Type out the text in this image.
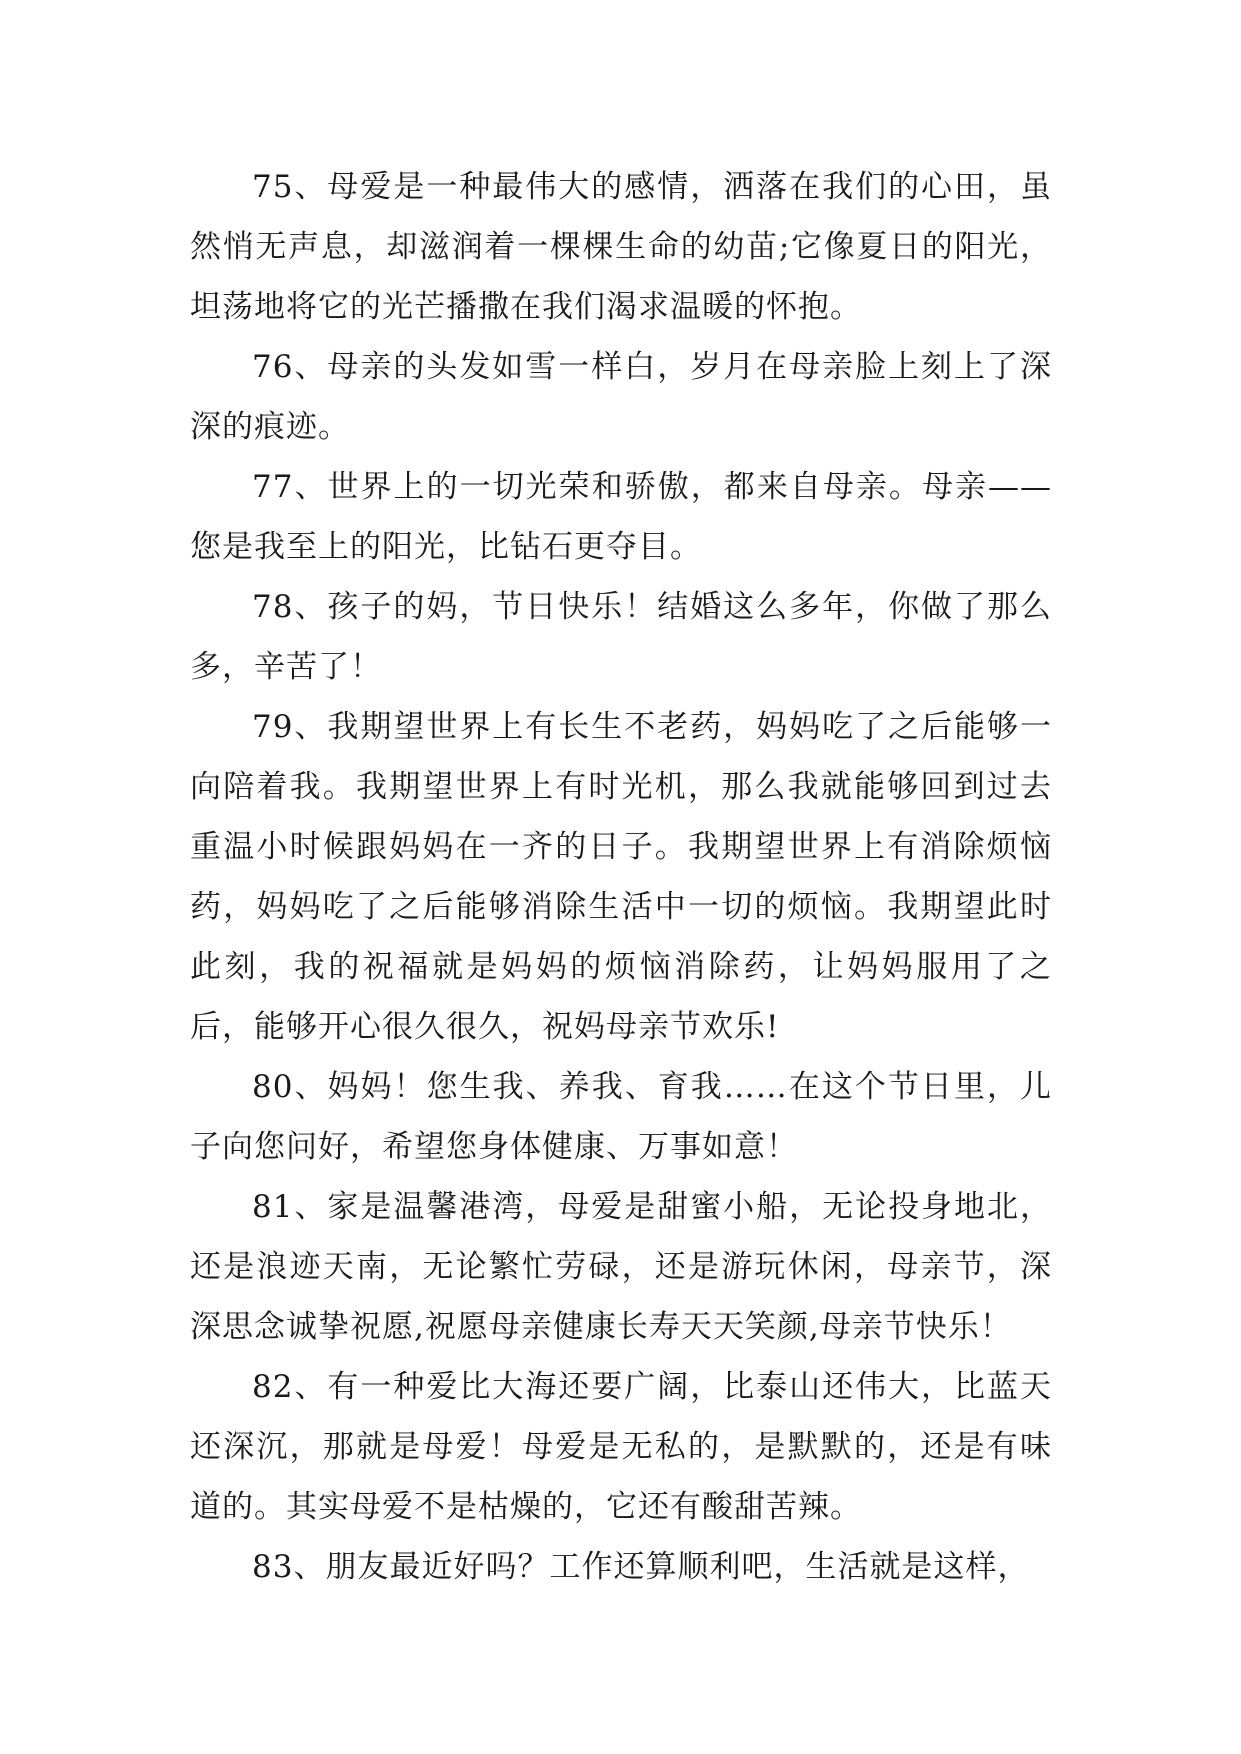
75、母爱是一种最伟大的感情，洒落在我们的心田，虽然悄无声息，却滋润着一棵棵生命的幼苗;它像夏日的阳光，坦荡地将它的光芒播撒在我们渴求温暖的怀抱。

76、母亲的头发如雪一样白，岁月在母亲脸上刻上了深深的痕迹。

77、世界上的一切光荣和骄傲，都来自母亲。母亲——您是我至上的阳光，比钻石更夺目。

78、孩子的妈，节日快乐！结婚这么多年，你做了那么多，辛苦了！

79、我期望世界上有长生不老药，妈妈吃了之后能够一向陪着我。我期望世界上有时光机，那么我就能够回到过去重温小时候跟妈妈在一齐的日子。我期望世界上有消除烦恼药，妈妈吃了之后能够消除生活中一切的烦恼。我期望此时此刻，我的祝福就是妈妈的烦恼消除药，让妈妈服用了之后，能够开心很久很久，祝妈母亲节欢乐!

80、妈妈！您生我、养我、育我……在这个节日里，儿子向您问好，希望您身体健康、万事如意！

81、家是温馨港湾，母爱是甜蜜小船，无论投身地北，还是浪迹天南，无论繁忙劳碌，还是游玩休闲，母亲节，深深思念诚挚祝愿,祝愿母亲健康长寿天天笑颜,母亲节快乐！

82、有一种爱比大海还要广阔，比泰山还伟大，比蓝天还深沉，那就是母爱！母爱是无私的，是默默的，还是有味道的。其实母爱不是枯燥的，它还有酸甜苦辣。

83、朋友最近好吗？工作还算顺利吧，生活就是这样，
